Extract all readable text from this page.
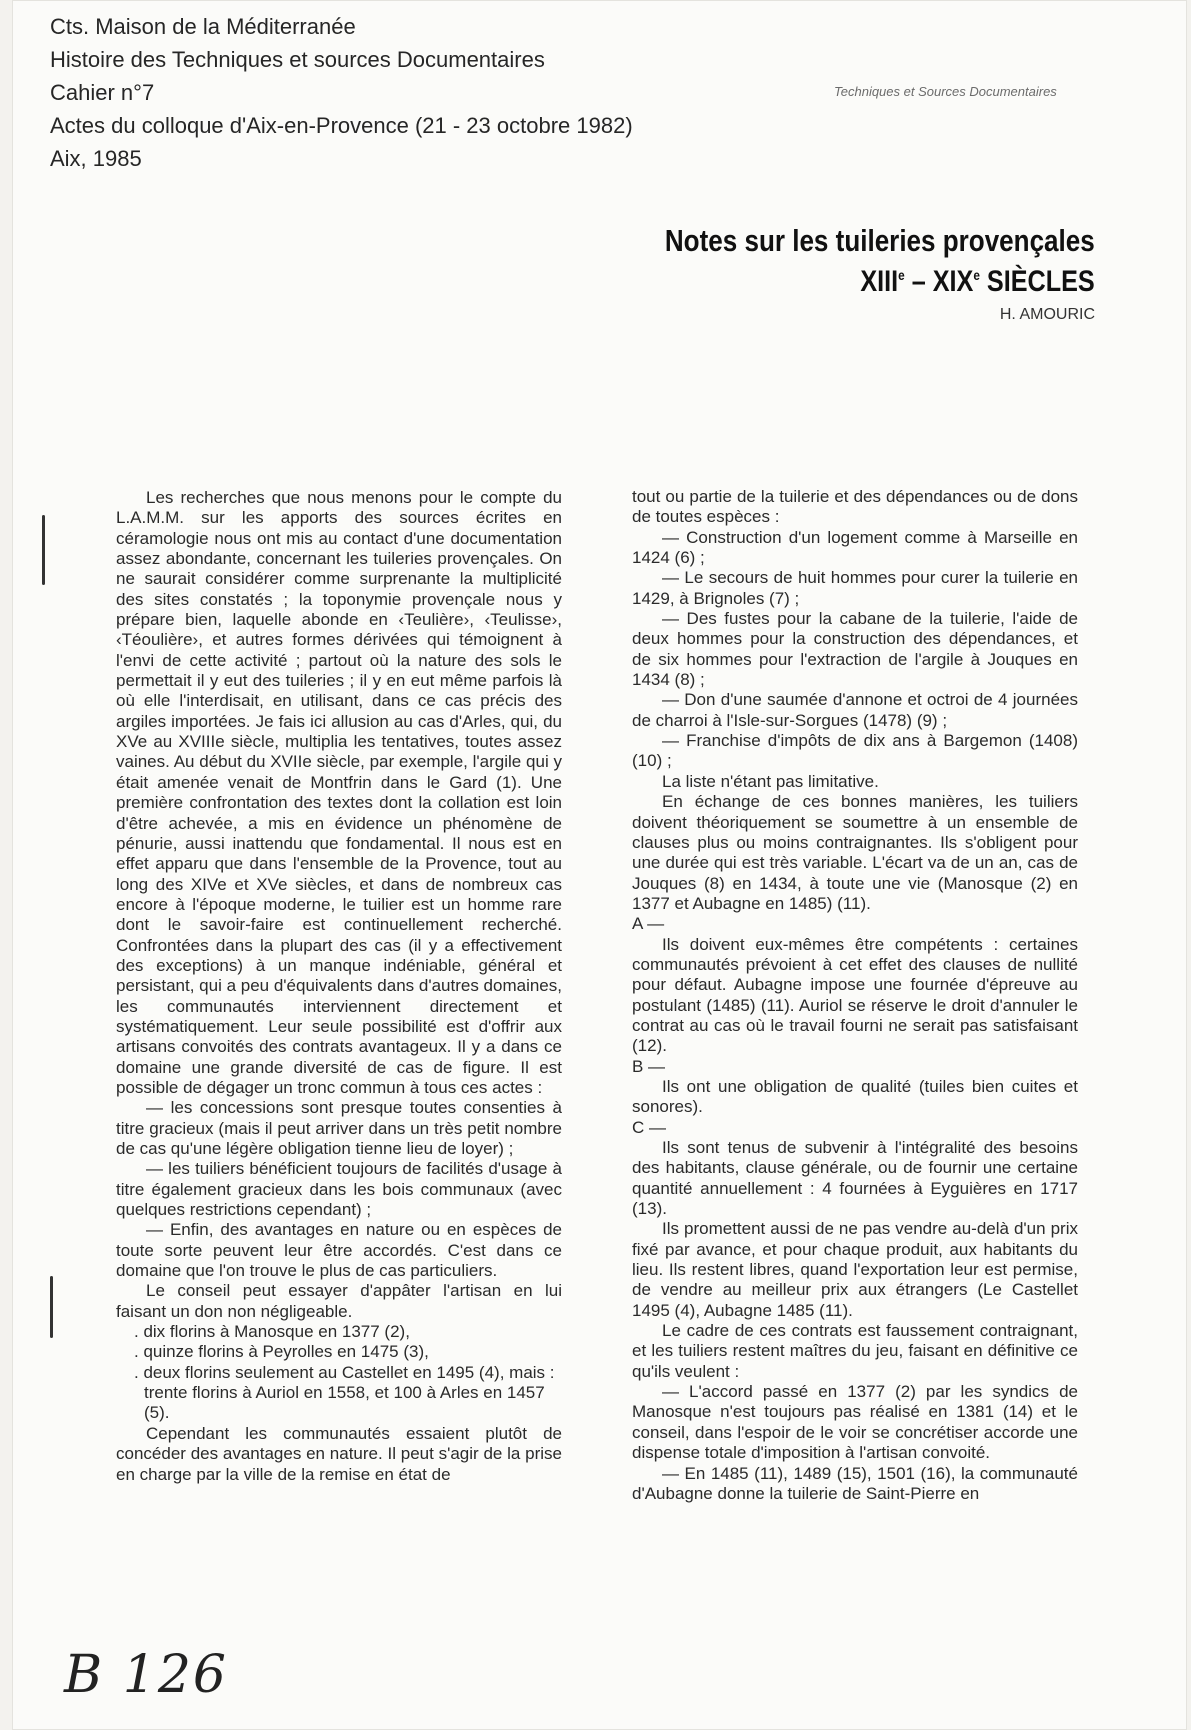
Cts. Maison de la Méditerranée
Histoire des Techniques et sources Documentaires
Cahier n°7
Actes du colloque d'Aix-en-Provence (21 - 23 octobre 1982)
Aix, 1985

Techniques et Sources Documentaires

Notes sur les tuileries provençales

XIIIe – XIXe SIÈCLES

H. AMOURIC

Les recherches que nous menons pour le compte du L.A.M.M. sur les apports des sources écrites en céramologie nous ont mis au contact d'une documentation assez abondante, concernant les tuileries provençales. On ne saurait considérer comme surprenante la multiplicité des sites constatés ; la toponymie provençale nous y prépare bien, laquelle abonde en ‹Teulière›, ‹Teulisse›, ‹Téoulière›, et autres formes dérivées qui témoignent à l'envi de cette activité ; partout où la nature des sols le permettait il y eut des tuileries ; il y en eut même parfois là où elle l'interdisait, en utilisant, dans ce cas précis des argiles importées. Je fais ici allusion au cas d'Arles, qui, du XVe au XVIIIe siècle, multiplia les tentatives, toutes assez vaines. Au début du XVIIe siècle, par exemple, l'argile qui y était amenée venait de Montfrin dans le Gard (1). Une première confrontation des textes dont la collation est loin d'être achevée, a mis en évidence un phénomène de pénurie, aussi inattendu que fondamental. Il nous est en effet apparu que dans l'ensemble de la Provence, tout au long des XIVe et XVe siècles, et dans de nombreux cas encore à l'époque moderne, le tuilier est un homme rare dont le savoir-faire est continuellement recherché. Confrontées dans la plupart des cas (il y a effectivement des exceptions) à un manque indéniable, général et persistant, qui a peu d'équivalents dans d'autres domaines, les communautés interviennent directement et systématiquement. Leur seule possibilité est d'offrir aux artisans convoités des contrats avantageux. Il y a dans ce domaine une grande diversité de cas de figure. Il est possible de dégager un tronc commun à tous ces actes :

— les concessions sont presque toutes consenties à titre gracieux (mais il peut arriver dans un très petit nombre de cas qu'une légère obligation tienne lieu de loyer) ;

— les tuiliers bénéficient toujours de facilités d'usage à titre également gracieux dans les bois communaux (avec quelques restrictions cependant) ;

— Enfin, des avantages en nature ou en espèces de toute sorte peuvent leur être accordés. C'est dans ce domaine que l'on trouve le plus de cas particuliers.

Le conseil peut essayer d'appâter l'artisan en lui faisant un don non négligeable.

. dix florins à Manosque en 1377 (2),

. quinze florins à Peyrolles en 1475 (3),

. deux florins seulement au Castellet en 1495 (4), mais : trente florins à Auriol en 1558, et 100 à Arles en 1457 (5).

Cependant les communautés essaient plutôt de concéder des avantages en nature. Il peut s'agir de la prise en charge par la ville de la remise en état de

tout ou partie de la tuilerie et des dépendances ou de dons de toutes espèces :

— Construction d'un logement comme à Marseille en 1424 (6) ;

— Le secours de huit hommes pour curer la tuilerie en 1429, à Brignoles (7) ;

— Des fustes pour la cabane de la tuilerie, l'aide de deux hommes pour la construction des dépendances, et de six hommes pour l'extraction de l'argile à Jouques en 1434 (8) ;

— Don d'une saumée d'annone et octroi de 4 journées de charroi à l'Isle-sur-Sorgues (1478) (9) ;

— Franchise d'impôts de dix ans à Bargemon (1408) (10) ;

La liste n'étant pas limitative.

En échange de ces bonnes manières, les tuiliers doivent théoriquement se soumettre à un ensemble de clauses plus ou moins contraignantes. Ils s'obligent pour une durée qui est très variable. L'écart va de un an, cas de Jouques (8) en 1434, à toute une vie (Manosque (2) en 1377 et Aubagne en 1485) (11).

A —

Ils doivent eux-mêmes être compétents : certaines communautés prévoient à cet effet des clauses de nullité pour défaut. Aubagne impose une fournée d'épreuve au postulant (1485) (11). Auriol se réserve le droit d'annuler le contrat au cas où le travail fourni ne serait pas satisfaisant (12).

B —

Ils ont une obligation de qualité (tuiles bien cuites et sonores).

C —

Ils sont tenus de subvenir à l'intégralité des besoins des habitants, clause générale, ou de fournir une certaine quantité annuellement : 4 fournées à Eyguières en 1717 (13).

Ils promettent aussi de ne pas vendre au-delà d'un prix fixé par avance, et pour chaque produit, aux habitants du lieu. Ils restent libres, quand l'exportation leur est permise, de vendre au meilleur prix aux étrangers (Le Castellet 1495 (4), Aubagne 1485 (11).

Le cadre de ces contrats est faussement contraignant, et les tuiliers restent maîtres du jeu, faisant en définitive ce qu'ils veulent :

— L'accord passé en 1377 (2) par les syndics de Manosque n'est toujours pas réalisé en 1381 (14) et le conseil, dans l'espoir de le voir se concrétiser accorde une dispense totale d'imposition à l'artisan convoité.

— En 1485 (11), 1489 (15), 1501 (16), la communauté d'Aubagne donne la tuilerie de Saint-Pierre en

B 126
